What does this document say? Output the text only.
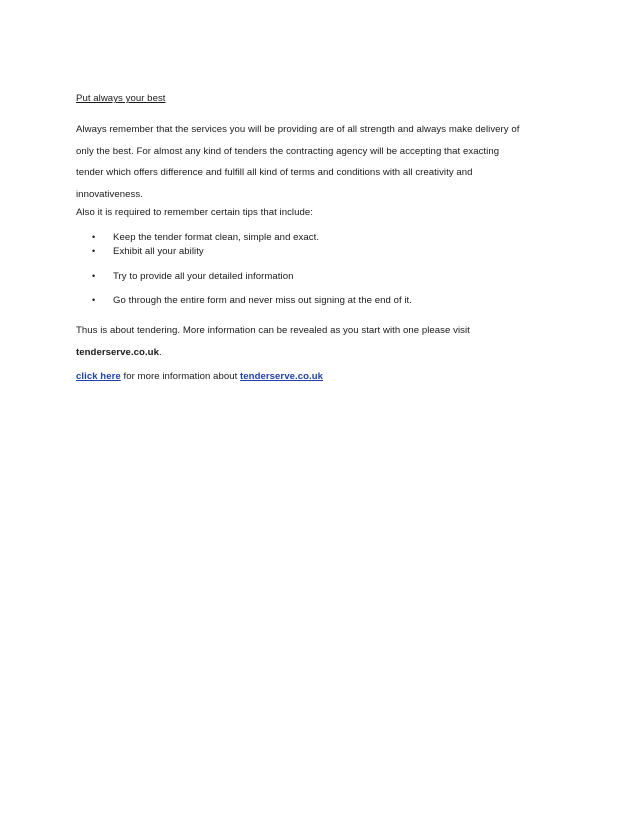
Put always your best

Always remember that the services you will be providing are of all strength and always make delivery of
only the best. For almost any kind of tenders the contracting agency will be accepting that exacting
tender which offers difference and fulfill all kind of terms and conditions with all creativity and
innovativeness.

Also it is required to remember certain tips that include:

• Keep the tender format clean, simple and exact.
• Exhibit all your ability
• Try to provide all your detailed information
• Go through the entire form and never miss out signing at the end of it.

Thus is about tendering. More information can be revealed as you start with one please visit
tenderserve.co.uk.

click here for more information about tenderserve.co.uk
